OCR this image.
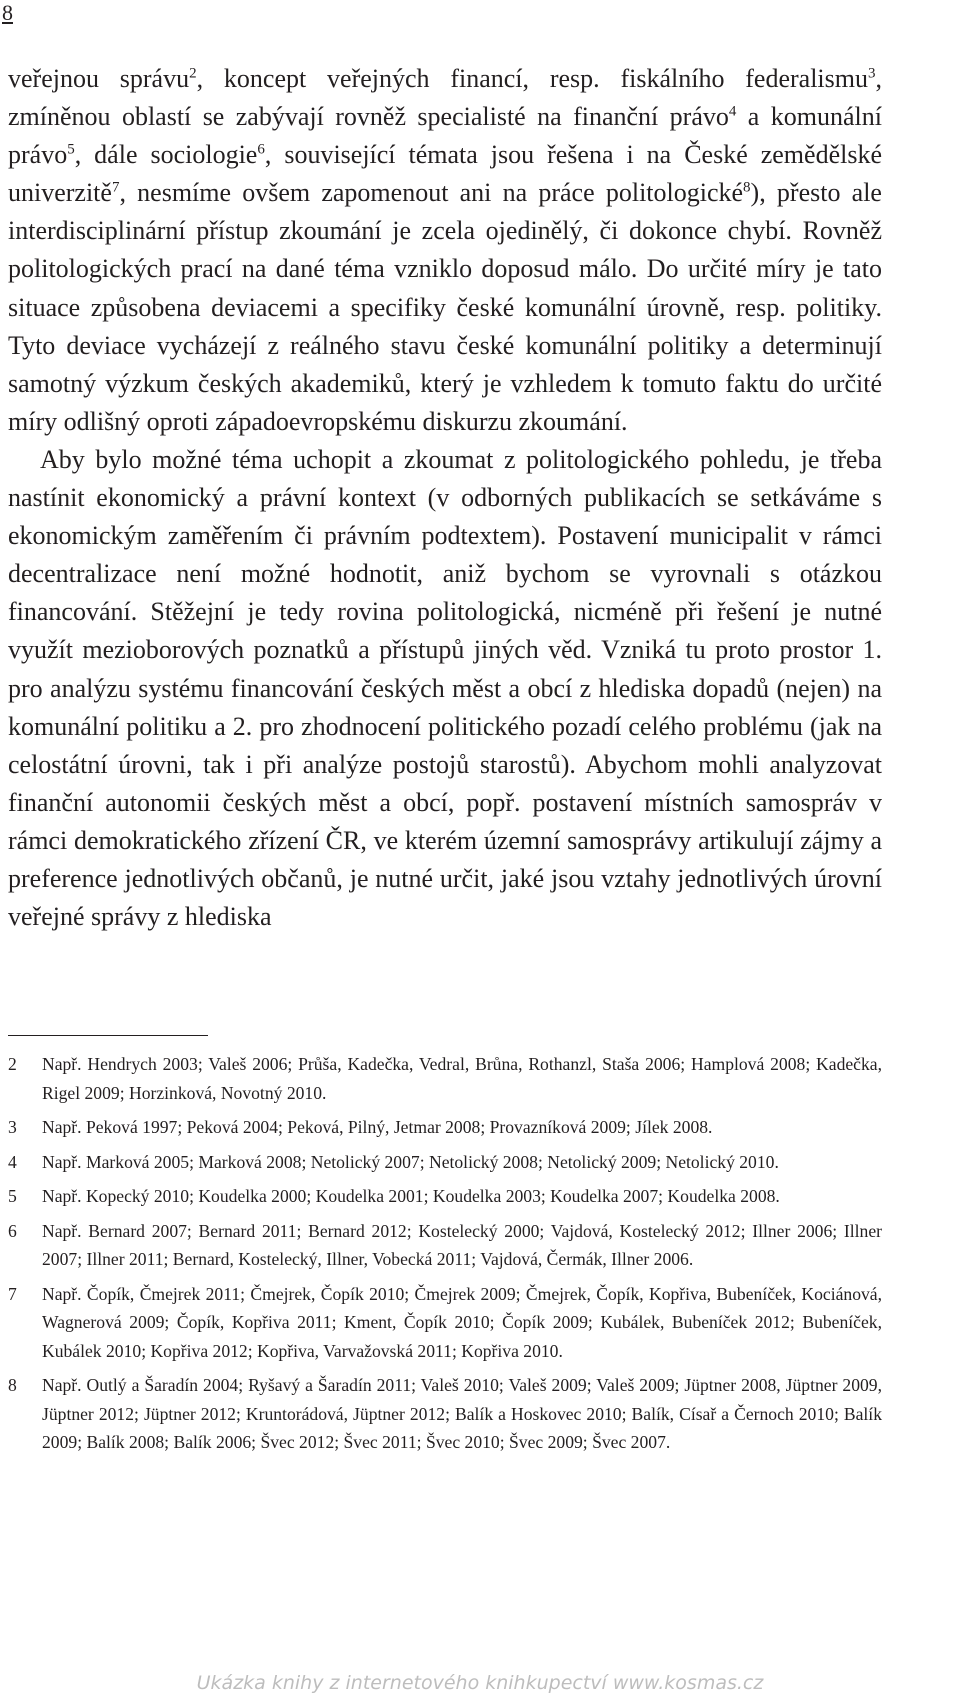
8

veřejnou správu$^2$, koncept veřejných financí, resp. fiskálního federalismu$^3$, zmíněnou oblastí se zabývají rovněž specialisté na finanční právo$^4$ a komunální právo$^5$, dále sociologie$^6$, související témata jsou řešena i na České zemědělské univerzitě$^7$, nesmíme ovšem zapomenout ani na práce politologické$^8$), přesto ale interdisciplinární přístup zkoumání je zcela ojedinělý, či dokonce chybí. Rovněž politologických prací na dané téma vzniklo doposud málo. Do určité míry je tato situace způsobena deviacemi a specifiky české komunální úrovně, resp. politiky. Tyto deviace vycházejí z reálného stavu české komunální politiky a determinují samotný výzkum českých akademiků, který je vzhledem k tomuto faktu do určité míry odlišný oproti západoevropskému diskurzu zkoumání.

Aby bylo možné téma uchopit a zkoumat z politologického pohledu, je třeba nastínit ekonomický a právní kontext (v odborných publikacích se setkáváme s ekonomickým zaměřením či právním podtextem). Postavení municipalit v rámci decentralizace není možné hodnotit, aniž bychom se vyrovnali s otázkou financování. Stěžejní je tedy rovina politologická, nicméně při řešení je nutné využít mezioborových poznatků a přístupů jiných věd. Vzniká tu proto prostor 1. pro analýzu systému financování českých měst a obcí z hlediska dopadů (nejen) na komunální politiku a 2. pro zhodnocení politického pozadí celého problému (jak na celostátní úrovni, tak i při analýze postojů starostů). Abychom mohli analyzovat finanční autonomii českých měst a obcí, popř. postavení místních samospráv v rámci demokratického zřízení ČR, ve kterém územní samosprávy artikulují zájmy a preference jednotlivých občanů, je nutné určit, jaké jsou vztahy jednotlivých úrovní veřejné správy z hlediska

2	Např. Hendrych 2003; Valeš 2006; Průša, Kadečka, Vedral, Brůna, Rothanzl, Staša 2006; Hamplová 2008; Kadečka, Rigel 2009; Horzinková, Novotný 2010.
3	Např. Peková 1997; Peková 2004; Peková, Pilný, Jetmar 2008; Provazníková 2009; Jílek 2008.
4	Např. Marková 2005; Marková 2008; Netolický 2007; Netolický 2008; Netolický 2009; Netolický 2010.
5	Např. Kopecký 2010; Koudelka 2000; Koudelka 2001; Koudelka 2003; Koudelka 2007; Koudelka 2008.
6	Např. Bernard 2007; Bernard 2011; Bernard 2012; Kostelecký 2000; Vajdová, Kostelecký 2012; Illner 2006; Illner 2007; Illner 2011; Bernard, Kostelecký, Illner, Vobecká 2011; Vajdová, Čermák, Illner 2006.
7	Např. Čopík, Čmejrek 2011; Čmejrek, Čopík 2010; Čmejrek 2009; Čmejrek, Čopík, Kopřiva, Bubeníček, Kociánová, Wagnerová 2009; Čopík, Kopřiva 2011; Kment, Čopík 2010; Čopík 2009; Kubálek, Bubeníček 2012; Bubeníček, Kubálek 2010; Kopřiva 2012; Kopřiva, Varvažovská 2011; Kopřiva 2010.
8	Např. Outlý a Šaradín 2004; Ryšavý a Šaradín 2011; Valeš 2010; Valeš 2009; Valeš 2009; Jüptner 2008, Jüptner 2009, Jüptner 2012; Jüptner 2012; Kruntorádová, Jüptner 2012; Balík a Hoskovec 2010; Balík, Císař a Černoch 2010; Balík 2009; Balík 2008; Balík 2006; Švec 2012; Švec 2011; Švec 2010; Švec 2009; Švec 2007.
Ukázka knihy z internetového knihkupectví www.kosmas.cz
